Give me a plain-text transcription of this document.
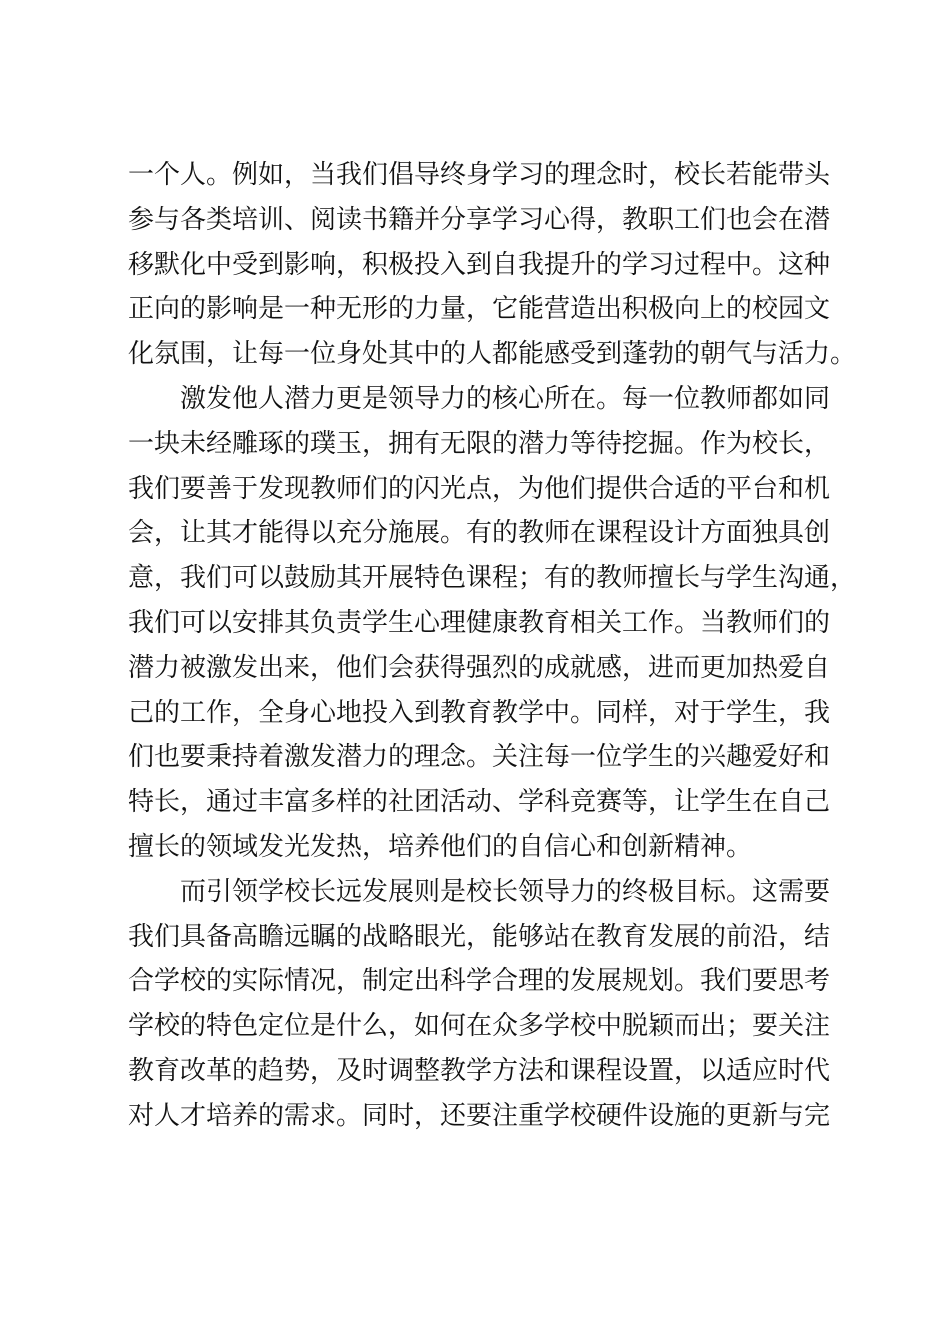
一个人。例如，当我们倡导终身学习的理念时，校长若能带头
参与各类培训、阅读书籍并分享学习心得，教职工们也会在潜
移默化中受到影响，积极投入到自我提升的学习过程中。这种
正向的影响是一种无形的力量，它能营造出积极向上的校园文
化氛围，让每一位身处其中的人都能感受到蓬勃的朝气与活力。

　　激发他人潜力更是领导力的核心所在。每一位教师都如同
一块未经雕琢的璞玉，拥有无限的潜力等待挖掘。作为校长，
我们要善于发现教师们的闪光点，为他们提供合适的平台和机
会，让其才能得以充分施展。有的教师在课程设计方面独具创
意，我们可以鼓励其开展特色课程；有的教师擅长与学生沟通，
我们可以安排其负责学生心理健康教育相关工作。当教师们的
潜力被激发出来，他们会获得强烈的成就感，进而更加热爱自
己的工作，全身心地投入到教育教学中。同样，对于学生，我
们也要秉持着激发潜力的理念。关注每一位学生的兴趣爱好和
特长，通过丰富多样的社团活动、学科竞赛等，让学生在自己
擅长的领域发光发热，培养他们的自信心和创新精神。

　　而引领学校长远发展则是校长领导力的终极目标。这需要
我们具备高瞻远瞩的战略眼光，能够站在教育发展的前沿，结
合学校的实际情况，制定出科学合理的发展规划。我们要思考
学校的特色定位是什么，如何在众多学校中脱颖而出；要关注
教育改革的趋势，及时调整教学方法和课程设置，以适应时代
对人才培养的需求。同时，还要注重学校硬件设施的更新与完
